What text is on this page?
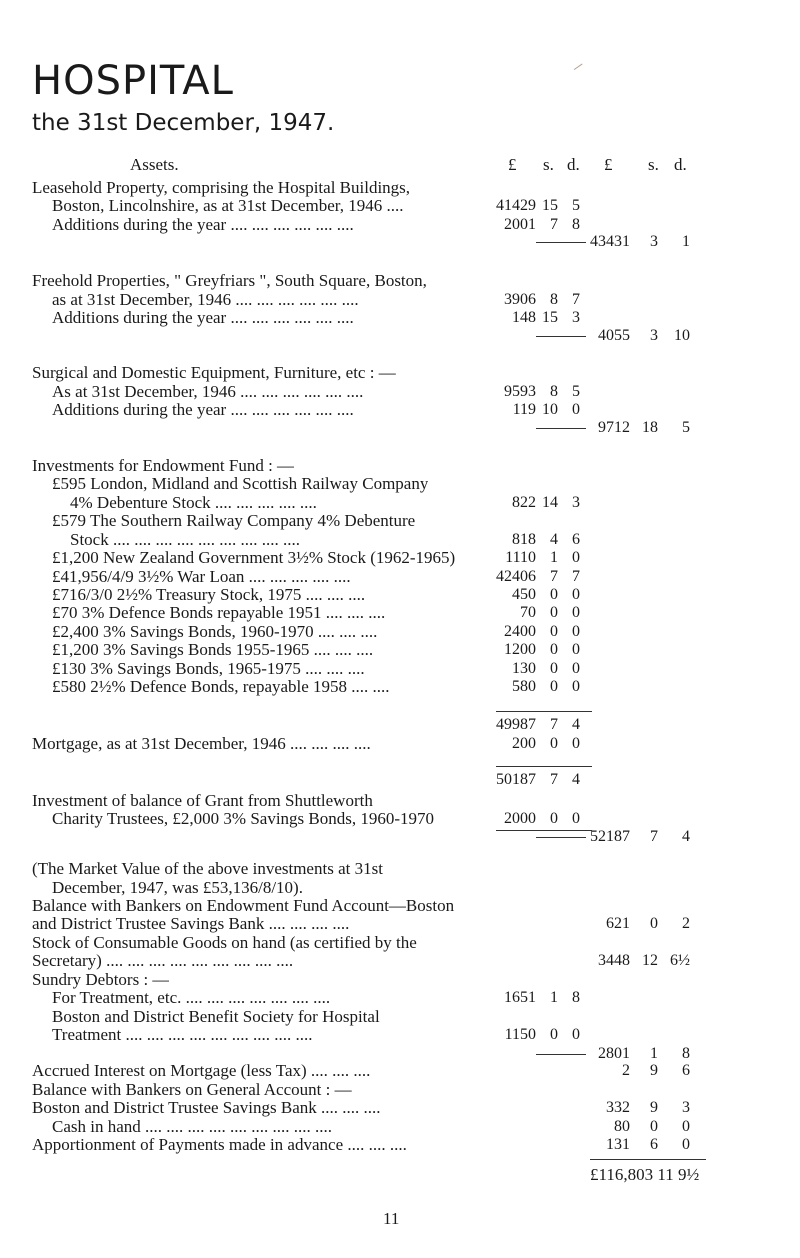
HOSPITAL
the 31st December, 1947.
Assets.	£ s. d. £ s. d.
Leasehold Property, comprising the Hospital Buildings,
Boston, Lincolnshire, as at 31st December, 1946 ....	41429 15 5
Additions during the year .... .... .... .... .... ....	2001 7 8
43431	3	1
Freehold Properties, " Greyfriars ", South Square, Boston,
as at 31st December, 1946 .... .... .... .... .... ....	3906 8 7
Additions during the year .... .... .... .... .... ....	148 15 3
4055	3	10
Surgical and Domestic Equipment, Furniture, etc : —
As at 31st December, 1946 .... .... .... .... .... ....	9593 8 5
Additions during the year .... .... .... .... .... ....	119 10 0
9712 18	5
Investments for Endowment Fund : —
£595 London, Midland and Scottish Railway Company
4% Debenture Stock .... .... .... .... ....	822 14 3
£579 The Southern Railway Company 4% Debenture
Stock .... .... .... .... .... .... .... .... ....	818 4 6
£1,200 New Zealand Government 3½% Stock (1962-1965)	1110 1 0
£41,956/4/9 3½% War Loan .... .... .... .... ....	42406 7 7
£716/3/0 2½% Treasury Stock, 1975 .... .... ....	450 0 0
£70 3% Defence Bonds repayable 1951 .... .... ....	70 0 0
£2,400 3% Savings Bonds, 1960-1970 .... .... ....	2400 0 0
£1,200 3% Savings Bonds 1955-1965 .... .... ....	1200 0 0
£130 3% Savings Bonds, 1965-1975 .... .... ....	130 0 0
£580 2½% Defence Bonds, repayable 1958 .... ....	580 0 0
49987 7 4
Mortgage, as at 31st December, 1946 .... .... .... ....	200 0 0
50187 7 4
Investment of balance of Grant from Shuttleworth
Charity Trustees, £2,000 3% Savings Bonds, 1960-1970	2000 0 0
52187	7	4
(The Market Value of the above investments at 31st
December, 1947, was £53,136/8/10).
Balance with Bankers on Endowment Fund Account—Boston
and District Trustee Savings Bank .... .... .... ....	621	0	2
Stock of Consumable Goods on hand (as certified by the
Secretary) .... .... .... .... .... .... .... .... ....	3448 12 6½
Sundry Debtors : —
For Treatment, etc. .... .... .... .... .... .... ....	1651 1 8
Boston and District Benefit Society for Hospital
Treatment .... .... .... .... .... .... .... .... ....	1150 0 0
2801	1	8
Accrued Interest on Mortgage (less Tax) .... .... ....	2	9	6
Balance with Bankers on General Account : —
Boston and District Trustee Savings Bank .... .... ....	332	9	3
Cash in hand .... .... .... .... .... .... .... .... ....	80	0	0
Apportionment of Payments made in advance .... .... ....	131	6	0
£116,803 11 9½
11
